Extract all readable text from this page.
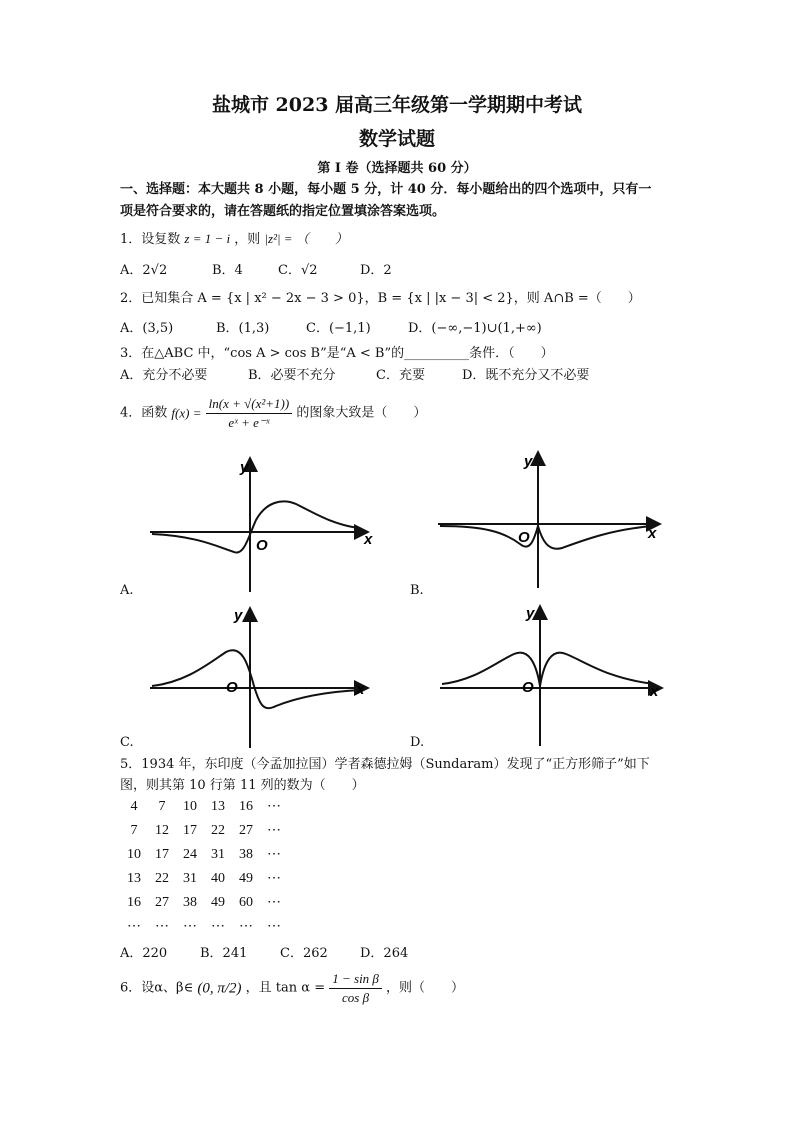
盐城市 2023 届高三年级第一学期期中考试
数学试题
第 I 卷（选择题共 60 分）
一、选择题：本大题共 8 小题，每小题 5 分，计 40 分．每小题给出的四个选项中，只有一
项是符合要求的，请在答题纸的指定位置填涂答案选项。
1．设复数 z = 1 − i ，则 |z²| = （　　）
A．2√2	B．4	C．√2	D．2
2．已知集合 A = {x | x² − 2x − 3 > 0}，B = {x | |x − 3| < 2}，则 A∩B =（　　）
A．(3,5)	B．(1,3)	C．(−1,1)	D．(−∞,−1)∪(1,+∞)
3．在△ABC 中，“cos A > cos B”是“A < B”的__________条件．（　　）
A．充分不必要	B．必要不充分	C．充要	D．既不充分又不必要
4．函数 $f(x) = \frac{\text{ln(x + √(x²+1))}}{\text{eˣ + e⁻ˣ}}$ 的图象大致是（　　）
O	x
y
A.
O	x
y
B.
O	x
y
C.
O	x
y
D.
5．1934 年，东印度（今孟加拉国）学者森德拉姆（Sundaram）发现了“正方形筛子”如下
图，则其第 10 行第 11 列的数为（　　）
4 7 10 13 16 ⋯
7 12 17 22 27 ⋯
10 17 24 31 38 ⋯
13 22 31 40 49 ⋯
16 27 38 49 60 ⋯
⋯ ⋯ ⋯ ⋯ ⋯ ⋯
A．220	B．241	C．262 D．264
6．设α、β∈ (0, π/2) ，且 $\tan \alpha = \frac{\text{1 − sin β}}{\text{cos β}}$ ，则（　　）
